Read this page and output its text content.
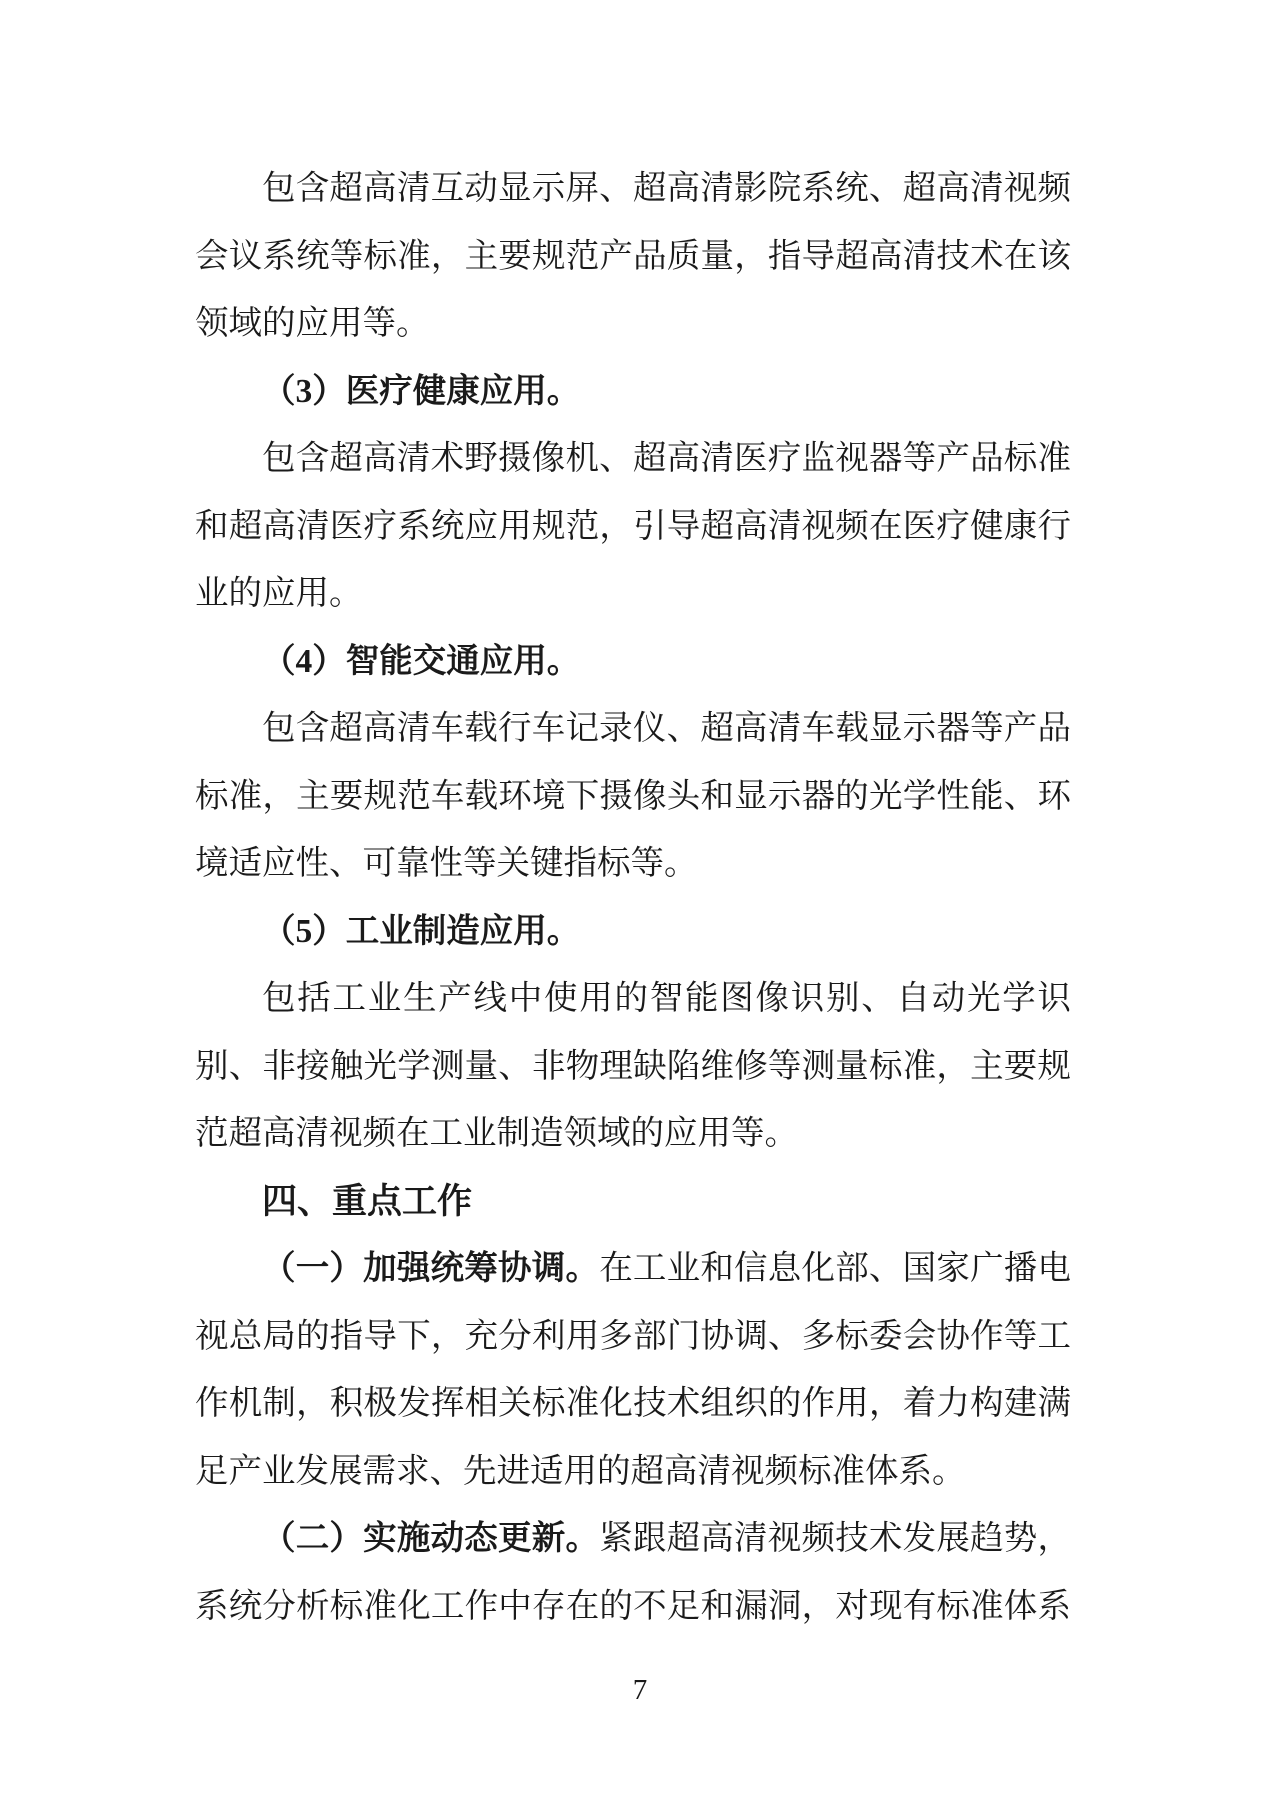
包含超高清互动显示屏、超高清影院系统、超高清视频
会议系统等标准，主要规范产品质量，指导超高清技术在该
领域的应用等。
（3）医疗健康应用。
包含超高清术野摄像机、超高清医疗监视器等产品标准
和超高清医疗系统应用规范，引导超高清视频在医疗健康行
业的应用。
（4）智能交通应用。
包含超高清车载行车记录仪、超高清车载显示器等产品
标准，主要规范车载环境下摄像头和显示器的光学性能、环
境适应性、可靠性等关键指标等。
（5）工业制造应用。
包括工业生产线中使用的智能图像识别、自动光学识
别、非接触光学测量、非物理缺陷维修等测量标准，主要规
范超高清视频在工业制造领域的应用等。
四、重点工作
（一）加强统筹协调。在工业和信息化部、国家广播电
视总局的指导下，充分利用多部门协调、多标委会协作等工
作机制，积极发挥相关标准化技术组织的作用，着力构建满
足产业发展需求、先进适用的超高清视频标准体系。
（二）实施动态更新。紧跟超高清视频技术发展趋势，
系统分析标准化工作中存在的不足和漏洞，对现有标准体系
7
